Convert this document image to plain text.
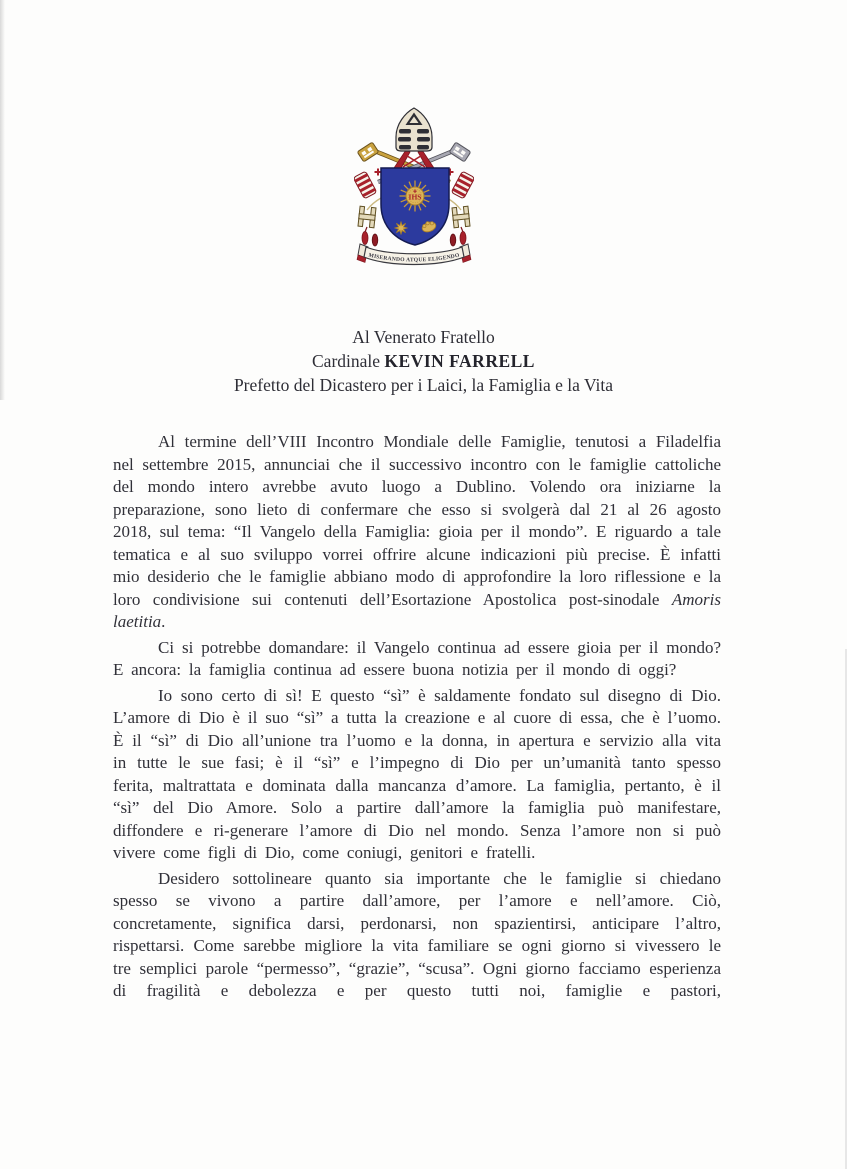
IHS
MISERANDO ATQUE ELIGENDO
Al Venerato Fratello
Cardinale KEVIN FARRELL
Prefetto del Dicastero per i Laici, la Famiglia e la Vita

Al termine dell’VIII Incontro Mondiale delle Famiglie, tenutosi a Filadelfia nel settembre 2015, annunciai che il successivo incontro con le famiglie cattoliche del mondo intero avrebbe avuto luogo a Dublino. Volendo ora iniziarne la preparazione, sono lieto di confermare che esso si svolgerà dal 21 al 26 agosto 2018, sul tema: “Il Vangelo della Famiglia: gioia per il mondo”. E riguardo a tale tematica e al suo sviluppo vorrei offrire alcune indicazioni più precise. È infatti mio desiderio che le famiglie abbiano modo di approfondire la loro riflessione e la loro condivisione sui contenuti dell’Esortazione Apostolica post-sinodale Amoris laetitia.

Ci si potrebbe domandare: il Vangelo continua ad essere gioia per il mondo? E ancora: la famiglia continua ad essere buona notizia per il mondo di oggi?

Io sono certo di sì! E questo “sì” è saldamente fondato sul disegno di Dio. L’amore di Dio è il suo “sì” a tutta la creazione e al cuore di essa, che è l’uomo. È il “sì” di Dio all’unione tra l’uomo e la donna, in apertura e servizio alla vita in tutte le sue fasi; è il “sì” e l’impegno di Dio per un’umanità tanto spesso ferita, maltrattata e dominata dalla mancanza d’amore. La famiglia, pertanto, è il “sì” del Dio Amore. Solo a partire dall’amore la famiglia può manifestare, diffondere e ri-generare l’amore di Dio nel mondo. Senza l’amore non si può vivere come figli di Dio, come coniugi, genitori e fratelli.

Desidero sottolineare quanto sia importante che le famiglie si chiedano spesso se vivono a partire dall’amore, per l’amore e nell’amore. Ciò, concretamente, significa darsi, perdonarsi, non spazientirsi, anticipare l’altro, rispettarsi. Come sarebbe migliore la vita familiare se ogni giorno si vivessero le tre semplici parole “permesso”, “grazie”, “scusa”. Ogni giorno facciamo esperienza di fragilità e debolezza e per questo tutti noi, famiglie e pastori,
